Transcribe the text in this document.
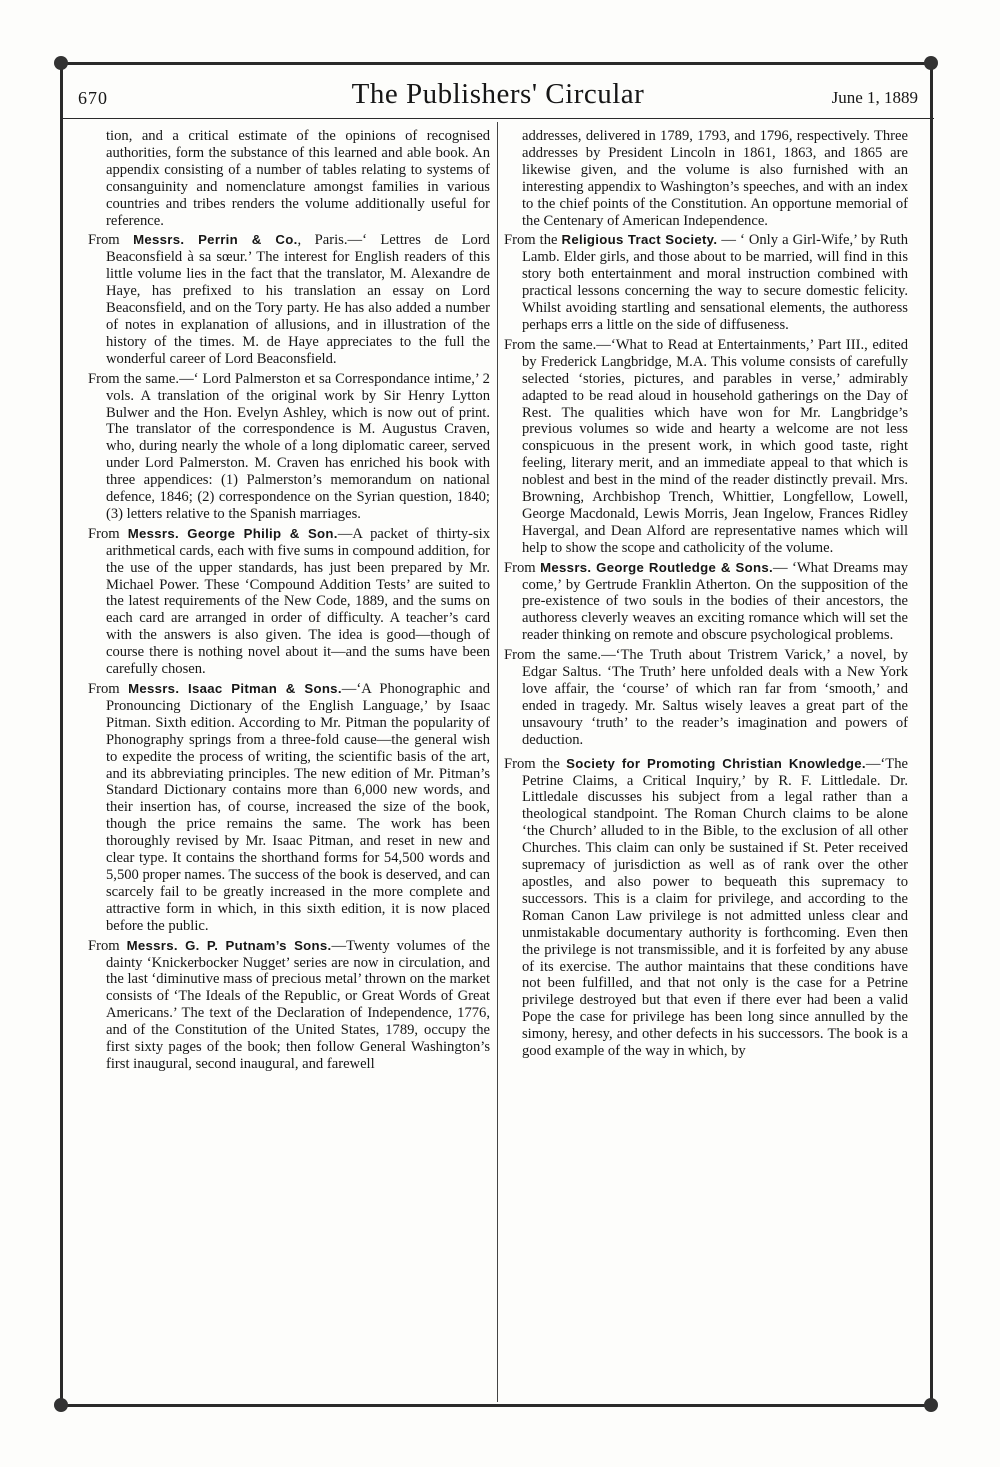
670	The Publishers' Circular	June 1, 1889

tion, and a critical estimate of the opinions of recognised authorities, form the substance of this learned and able book. An appendix consisting of a number of tables relating to systems of consanguinity and nomenclature amongst families in various countries and tribes renders the volume additionally useful for reference.

From Messrs. Perrin & Co., Paris.—‘ Lettres de Lord Beaconsfield à sa sœur.’ The interest for English readers of this little volume lies in the fact that the translator, M. Alexandre de Haye, has prefixed to his translation an essay on Lord Beaconsfield, and on the Tory party. He has also added a number of notes in explanation of allusions, and in illustration of the history of the times. M. de Haye appreciates to the full the wonderful career of Lord Beaconsfield.

From the same.—‘ Lord Palmerston et sa Correspondance intime,’ 2 vols. A translation of the original work by Sir Henry Lytton Bulwer and the Hon. Evelyn Ashley, which is now out of print. The translator of the correspondence is M. Augustus Craven, who, during nearly the whole of a long diplomatic career, served under Lord Palmerston. M. Craven has enriched his book with three appendices: (1) Palmerston’s memorandum on national defence, 1846; (2) correspondence on the Syrian question, 1840; (3) letters relative to the Spanish marriages.

From Messrs. George Philip & Son.—A packet of thirty-six arithmetical cards, each with five sums in compound addition, for the use of the upper standards, has just been prepared by Mr. Michael Power. These ‘Compound Addition Tests’ are suited to the latest requirements of the New Code, 1889, and the sums on each card are arranged in order of difficulty. A teacher’s card with the answers is also given. The idea is good—though of course there is nothing novel about it—and the sums have been carefully chosen.

From Messrs. Isaac Pitman & Sons.—‘A Phonographic and Pronouncing Dictionary of the English Language,’ by Isaac Pitman. Sixth edition. According to Mr. Pitman the popularity of Phonography springs from a three-fold cause—the general wish to expedite the process of writing, the scientific basis of the art, and its abbreviating principles. The new edition of Mr. Pitman’s Standard Dictionary contains more than 6,000 new words, and their insertion has, of course, increased the size of the book, though the price remains the same. The work has been thoroughly revised by Mr. Isaac Pitman, and reset in new and clear type. It contains the shorthand forms for 54,500 words and 5,500 proper names. The success of the book is deserved, and can scarcely fail to be greatly increased in the more complete and attractive form in which, in this sixth edition, it is now placed before the public.

From Messrs. G. P. Putnam’s Sons.—Twenty volumes of the dainty ‘Knickerbocker Nugget’ series are now in circulation, and the last ‘diminutive mass of precious metal’ thrown on the market consists of ‘The Ideals of the Republic, or Great Words of Great Americans.’ The text of the Declaration of Independence, 1776, and of the Constitution of the United States, 1789, occupy the first sixty pages of the book; then follow General Washington’s first inaugural, second inaugural, and farewell

addresses, delivered in 1789, 1793, and 1796, respectively. Three addresses by President Lincoln in 1861, 1863, and 1865 are likewise given, and the volume is also furnished with an interesting appendix to Washington’s speeches, and with an index to the chief points of the Constitution. An opportune memorial of the Centenary of American Independence.

From the Religious Tract Society. — ‘ Only a Girl-Wife,’ by Ruth Lamb. Elder girls, and those about to be married, will find in this story both entertainment and moral instruction combined with practical lessons concerning the way to secure domestic felicity. Whilst avoiding startling and sensational elements, the authoress perhaps errs a little on the side of diffuseness.

From the same.—‘What to Read at Entertainments,’ Part III., edited by Frederick Langbridge, M.A. This volume consists of carefully selected ‘stories, pictures, and parables in verse,’ admirably adapted to be read aloud in household gatherings on the Day of Rest. The qualities which have won for Mr. Langbridge’s previous volumes so wide and hearty a welcome are not less conspicuous in the present work, in which good taste, right feeling, literary merit, and an immediate appeal to that which is noblest and best in the mind of the reader distinctly prevail. Mrs. Browning, Archbishop Trench, Whittier, Longfellow, Lowell, George Macdonald, Lewis Morris, Jean Ingelow, Frances Ridley Havergal, and Dean Alford are representative names which will help to show the scope and catholicity of the volume.

From Messrs. George Routledge & Sons.— ‘What Dreams may come,’ by Gertrude Franklin Atherton. On the supposition of the pre-existence of two souls in the bodies of their ancestors, the authoress cleverly weaves an exciting romance which will set the reader thinking on remote and obscure psychological problems.

From the same.—‘The Truth about Tristrem Varick,’ a novel, by Edgar Saltus. ‘The Truth’ here unfolded deals with a New York love affair, the ‘course’ of which ran far from ‘smooth,’ and ended in tragedy. Mr. Saltus wisely leaves a great part of the unsavoury ‘truth’ to the reader’s imagination and powers of deduction.

From the Society for Promoting Christian Knowledge.—‘The Petrine Claims, a Critical Inquiry,’ by R. F. Littledale. Dr. Littledale discusses his subject from a legal rather than a theological standpoint. The Roman Church claims to be alone ‘the Church’ alluded to in the Bible, to the exclusion of all other Churches. This claim can only be sustained if St. Peter received supremacy of jurisdiction as well as of rank over the other apostles, and also power to bequeath this supremacy to successors. This is a claim for privilege, and according to the Roman Canon Law privilege is not admitted unless clear and unmistakable documentary authority is forthcoming. Even then the privilege is not transmissible, and it is forfeited by any abuse of its exercise. The author maintains that these conditions have not been fulfilled, and that not only is the case for a Petrine privilege destroyed but that even if there ever had been a valid Pope the case for privilege has been long since annulled by the simony, heresy, and other defects in his successors. The book is a good example of the way in which, by
